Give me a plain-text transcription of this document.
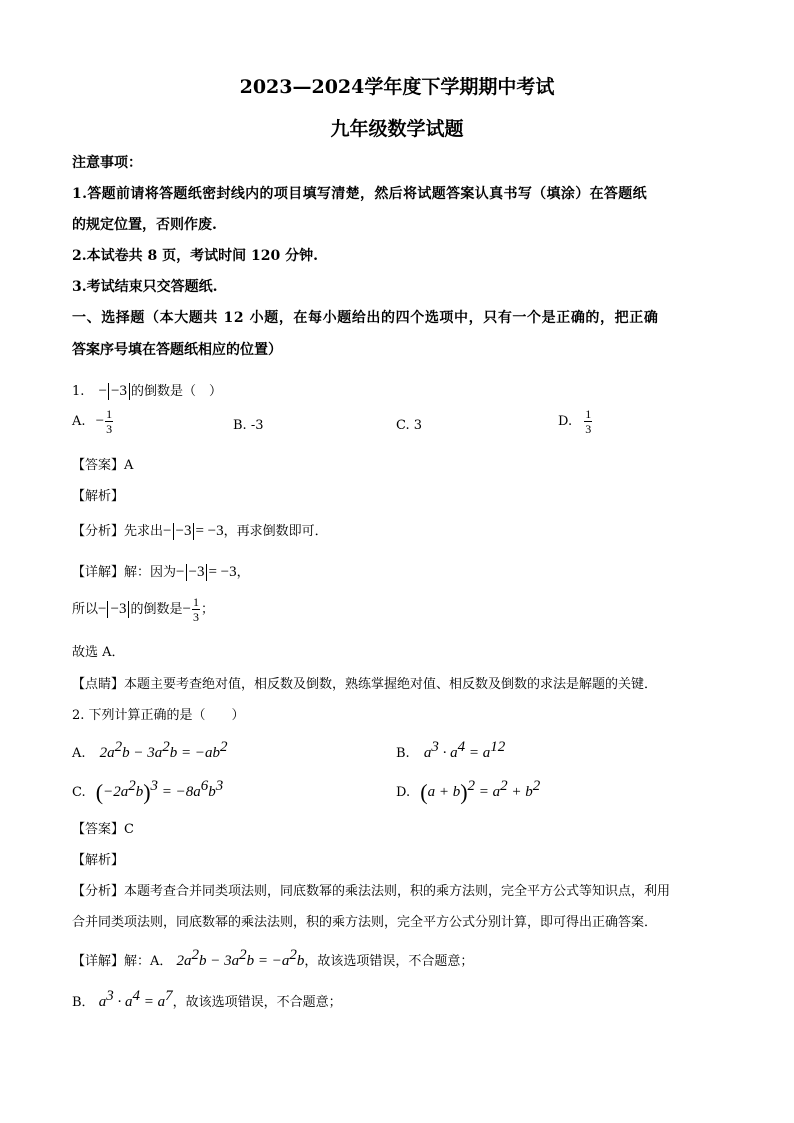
2023—2024学年度下学期期中考试
九年级数学试题
注意事项：
1.答题前请将答题纸密封线内的项目填写清楚，然后将试题答案认真书写（填涂）在答题纸
的规定位置，否则作废.
2.本试卷共 8 页，考试时间 120 分钟.
3.考试结束只交答题纸.
一、选择题（本大题共 12 小题，在每小题给出的四个选项中，只有一个是正确的，把正确
答案序号填在答题纸相应的位置）
1. − −3 的倒数是（　）
A. − $\frac{1}{3}$	B. -3	C. 3	D. $\frac{1}{3}$
【答案】A
【解析】
【分析】先求出− −3 = −3，再求倒数即可．
【详解】解：因为− −3 = −3，
所以− −3 的倒数是− $\frac{1}{3}$ ；
故选 A．
【点睛】本题主要考查绝对值，相反数及倒数，熟练掌握绝对值、相反数及倒数的求法是解题的关键．
2. 下列计算正确的是（　　）
A. $2a^2b - 3a^2b = -ab^2$	B. $a^3 \cdot a^4 = a^{12}$
C. $(-2a^2b)^3 = -8a^6b^3$	D. $(a + b)^2 = a^2 + b^2$
【答案】C
【解析】
【分析】本题考查合并同类项法则，同底数幂的乘法法则，积的乘方法则，完全平方公式等知识点，利用
合并同类项法则，同底数幂的乘法法则，积的乘方法则，完全平方公式分别计算，即可得出正确答案．
【详解】解：A． $2a^2b - 3a^2b = -a^2b$，故该选项错误，不合题意；
B． $a^3 \cdot a^4 = a^7$，故该选项错误，不合题意；
